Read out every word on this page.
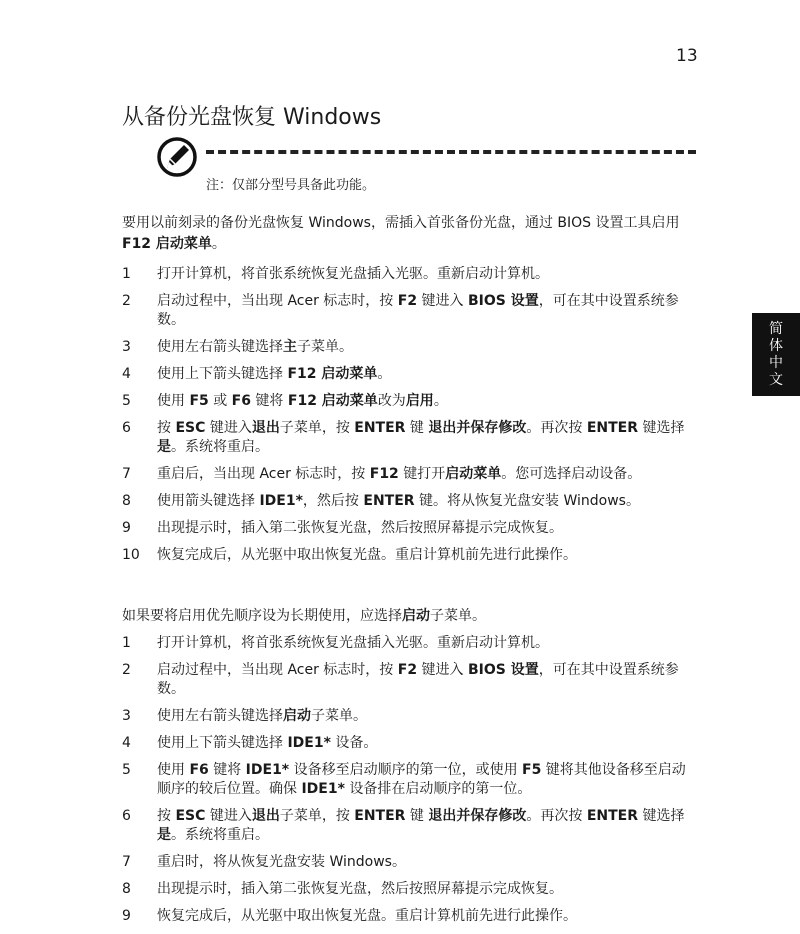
13
简
体
中
文
从备份光盘恢复 Windows
注：仅部分型号具备此功能。

要用以前刻录的备份光盘恢复 Windows，需插入首张备份光盘，通过 BIOS 设置工具启用 F12 启动菜单。

1	打开计算机，将首张系统恢复光盘插入光驱。重新启动计算机。
2	启动过程中，当出现 Acer 标志时，按 F2 键进入 BIOS 设置，可在其中设置系统参数。
3	使用左右箭头键选择主子菜单。
4	使用上下箭头键选择 F12 启动菜单。
5	使用 F5 或 F6 键将 F12 启动菜单改为启用。
6	按 ESC 键进入退出子菜单，按 ENTER 键 退出并保存修改。再次按 ENTER 键选择是。系统将重启。
7	重启后，当出现 Acer 标志时，按 F12 键打开启动菜单。您可选择启动设备。
8	使用箭头键选择 IDE1*，然后按 ENTER 键。将从恢复光盘安装 Windows。
9	出现提示时，插入第二张恢复光盘，然后按照屏幕提示完成恢复。
10	恢复完成后，从光驱中取出恢复光盘。重启计算机前先进行此操作。

如果要将启用优先顺序设为长期使用，应选择启动子菜单。

1	打开计算机，将首张系统恢复光盘插入光驱。重新启动计算机。
2	启动过程中，当出现 Acer 标志时，按 F2 键进入 BIOS 设置，可在其中设置系统参数。
3	使用左右箭头键选择启动子菜单。
4	使用上下箭头键选择 IDE1* 设备。
5	使用 F6 键将 IDE1* 设备移至启动顺序的第一位，或使用 F5 键将其他设备移至启动顺序的较后位置。确保 IDE1* 设备排在启动顺序的第一位。
6	按 ESC 键进入退出子菜单，按 ENTER 键 退出并保存修改。再次按 ENTER 键选择是。系统将重启。
7	重启时，将从恢复光盘安装 Windows。
8	出现提示时，插入第二张恢复光盘，然后按照屏幕提示完成恢复。
9	恢复完成后，从光驱中取出恢复光盘。重启计算机前先进行此操作。
